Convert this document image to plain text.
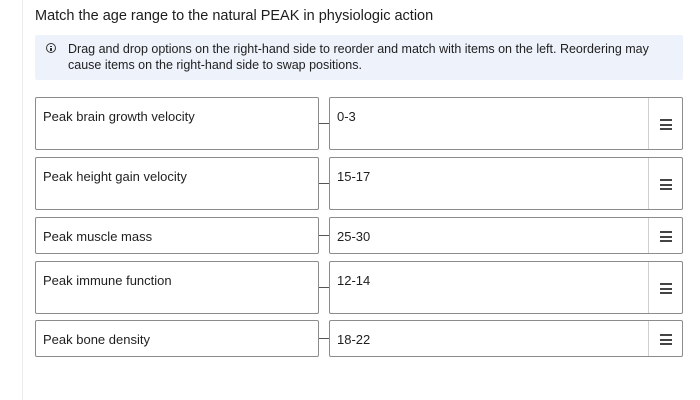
Match the age range to the natural PEAK in physiologic action
Drag and drop options on the right-hand side to reorder and match with items on the left. Reordering may cause items on the right-hand side to swap positions.
Peak brain growth velocity	0-3
Peak height gain velocity	15-17
Peak muscle mass	25-30
Peak immune function	12-14
Peak bone density	18-22
